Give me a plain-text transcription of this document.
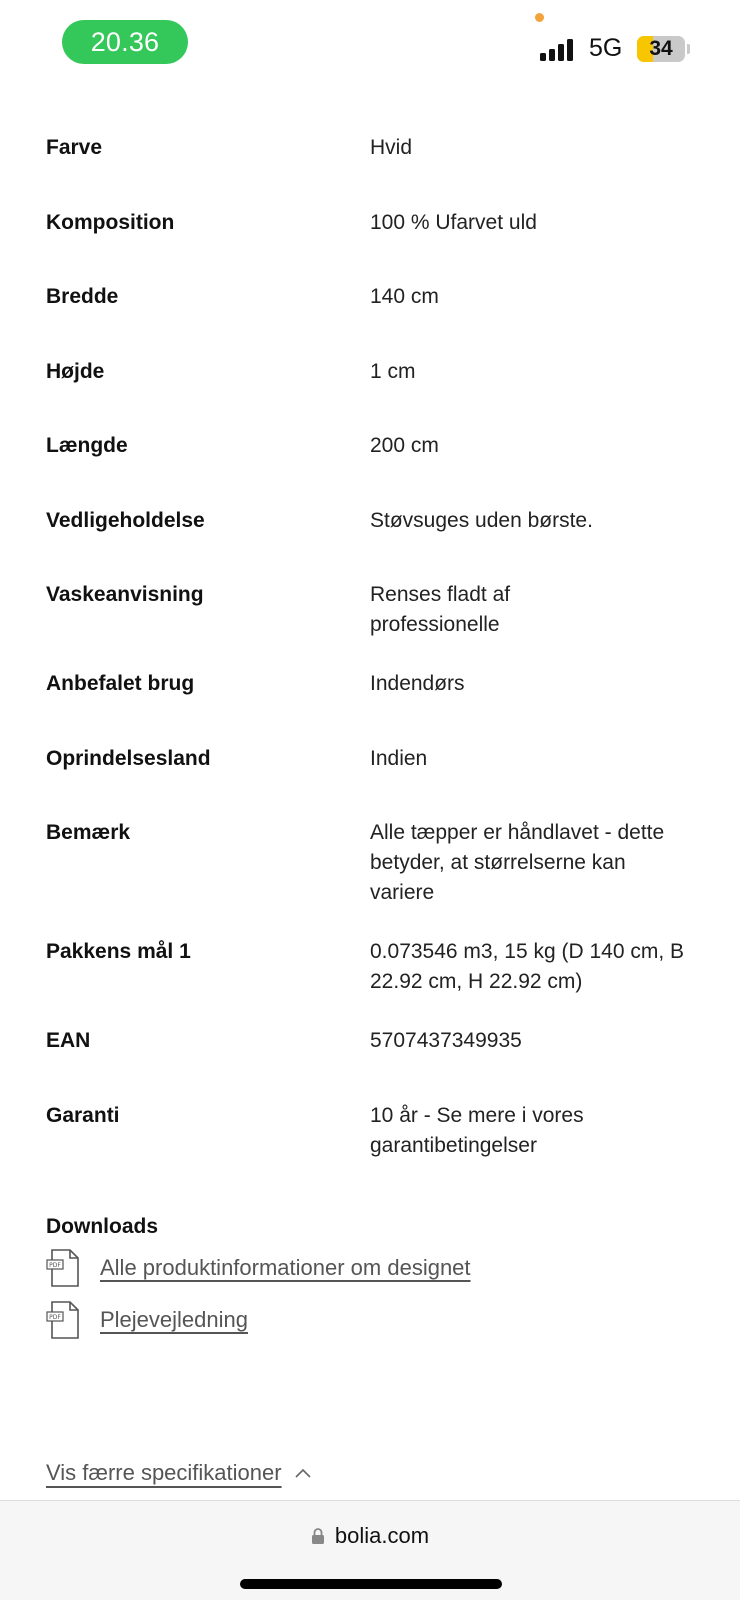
20.36	5G	34
Farve	Hvid
Komposition	100 % Ufarvet uld
Bredde	140 cm
Højde	1 cm
Længde	200 cm
Vedligeholdelse	Støvsuges uden børste.
Vaskeanvisning	Renses fladt af professionelle
Anbefalet brug	Indendørs
Oprindelsesland	Indien
Bemærk	Alle tæpper er håndlavet - dette betyder, at størrelserne kan variere
Pakkens mål 1	0.073546 m3, 15 kg (D 140 cm, B 22.92 cm, H 22.92 cm)
EAN	5707437349935
Garanti	10 år - Se mere i vores garantibetingelser
Downloads
PDF Alle produktinformationer om designet
PDF Plejevejledning
Vis færre specifikationer
bolia.com
